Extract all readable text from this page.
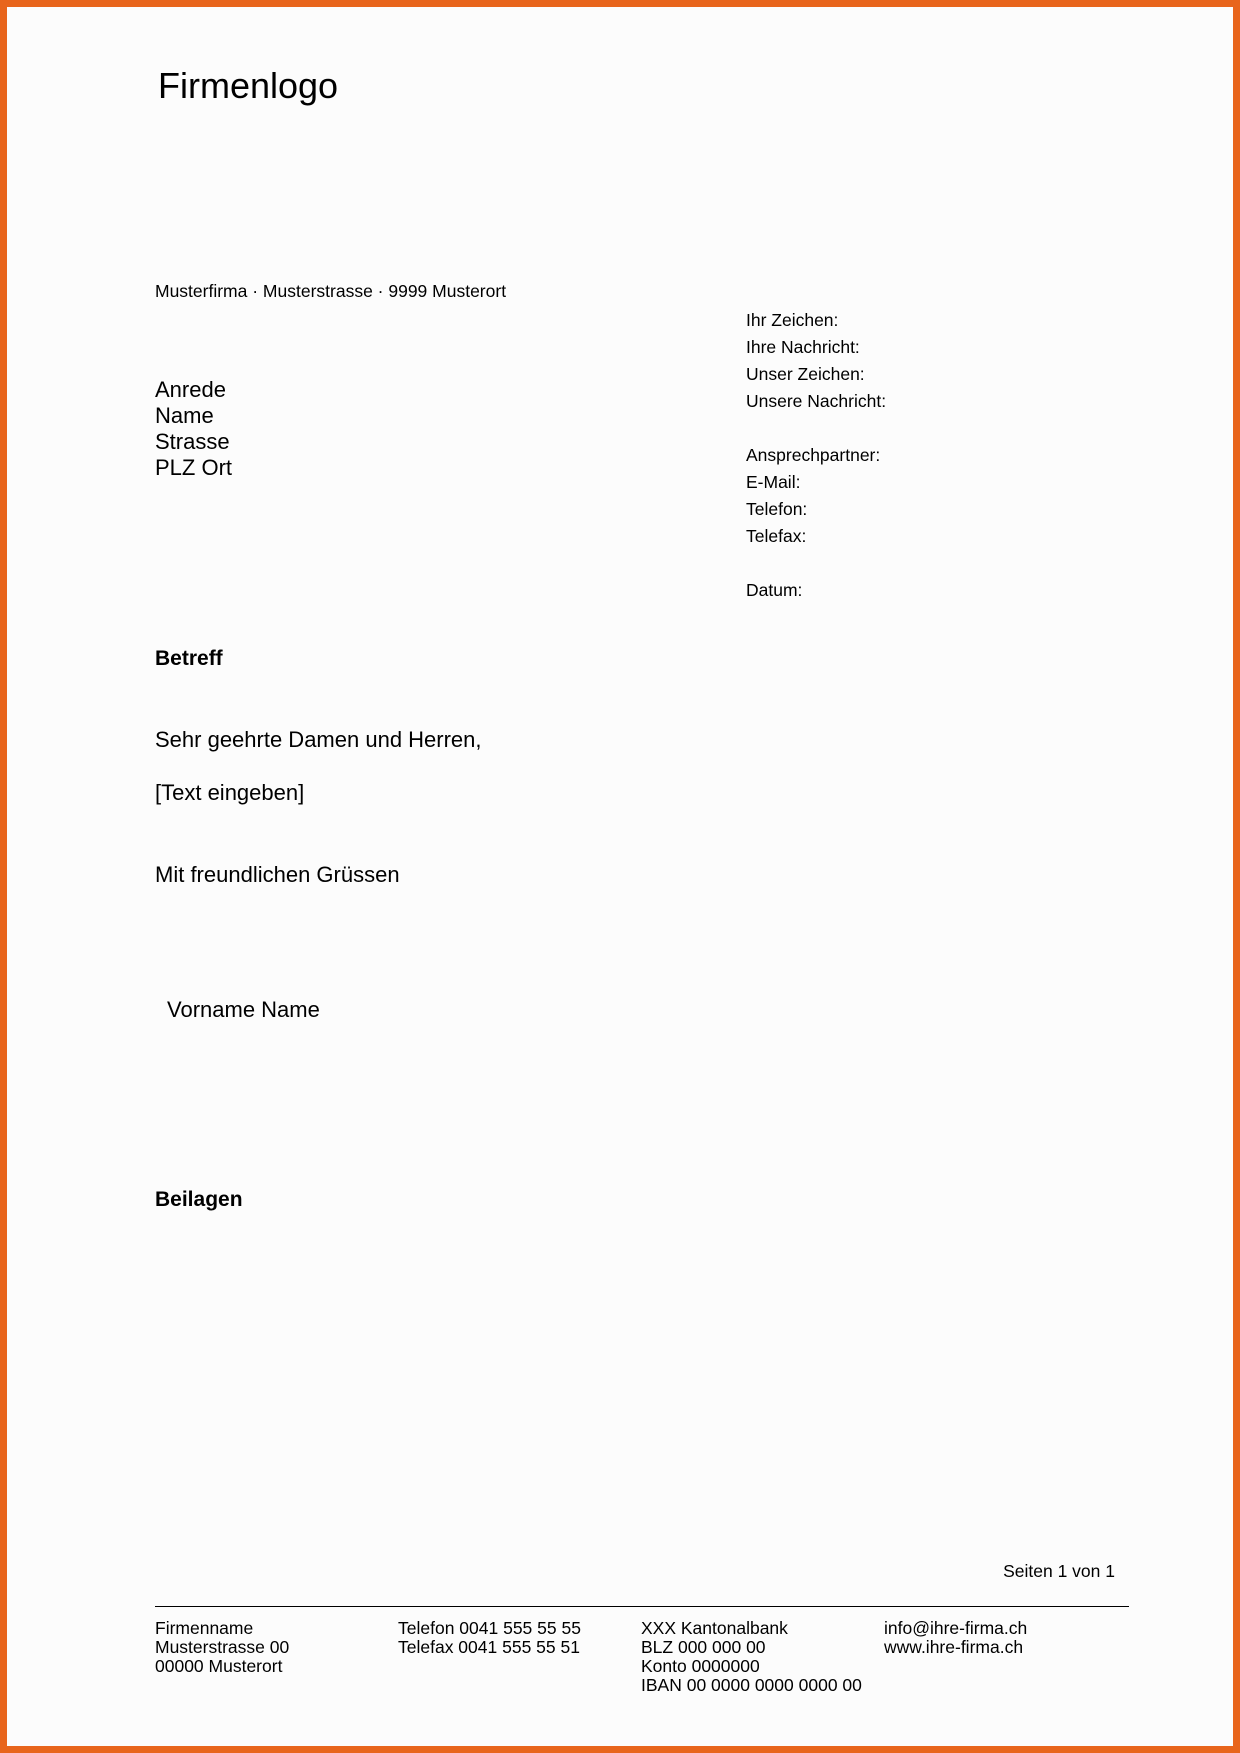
Firmenlogo
Musterfirma · Musterstrasse · 9999 Musterort
Anrede
Name
Strasse
PLZ Ort
Ihr Zeichen:
Ihre Nachricht:
Unser Zeichen:
Unsere Nachricht:
Ansprechpartner:
E-Mail:
Telefon:
Telefax:
Datum:
Betreff
Sehr geehrte Damen und Herren,
[Text eingeben]
Mit freundlichen Grüssen
Vorname Name
Beilagen
Seiten 1 von 1
Firmenname
Musterstrasse 00
00000 Musterort
Telefon 0041 555 55 55
Telefax 0041 555 55 51
XXX Kantonalbank
BLZ 000 000 00
Konto 0000000
IBAN 00 0000 0000 0000 00
info@ihre-firma.ch
www.ihre-firma.ch
